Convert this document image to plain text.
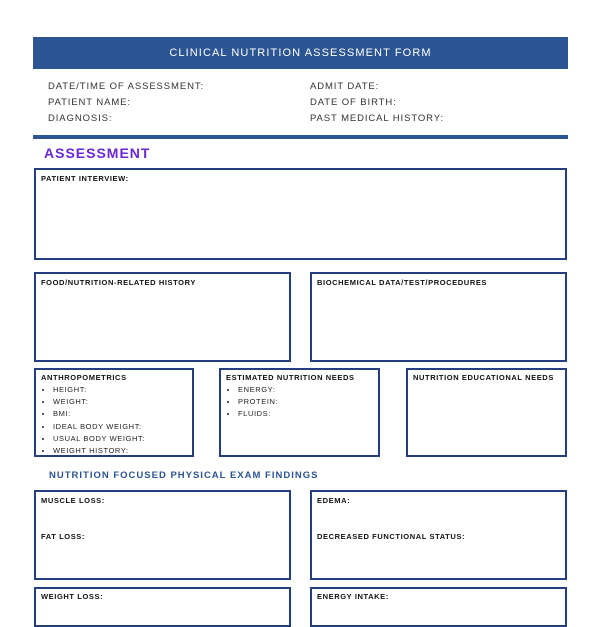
CLINICAL NUTRITION ASSESSMENT FORM
DATE/TIME OF ASSESSMENT:
PATIENT NAME:
DIAGNOSIS:
ADMIT DATE:
DATE OF BIRTH:
PAST MEDICAL HISTORY:
ASSESSMENT
PATIENT INTERVIEW:
FOOD/NUTRITION-RELATED HISTORY	BIOCHEMICAL DATA/TEST/PROCEDURES
ANTHROPOMETRICS
• HEIGHT:
• WEIGHT:
• BMI:
• IDEAL BODY WEIGHT:
• USUAL BODY WEIGHT:
• WEIGHT HISTORY:
ESTIMATED NUTRITION NEEDS
• ENERGY:
• PROTEIN:
• FLUIDS:
NUTRITION EDUCATIONAL NEEDS
NUTRITION FOCUSED PHYSICAL EXAM FINDINGS
MUSCLE LOSS:
FAT LOSS:
EDEMA:
DECREASED FUNCTIONAL STATUS:
WEIGHT LOSS:	ENERGY INTAKE:
